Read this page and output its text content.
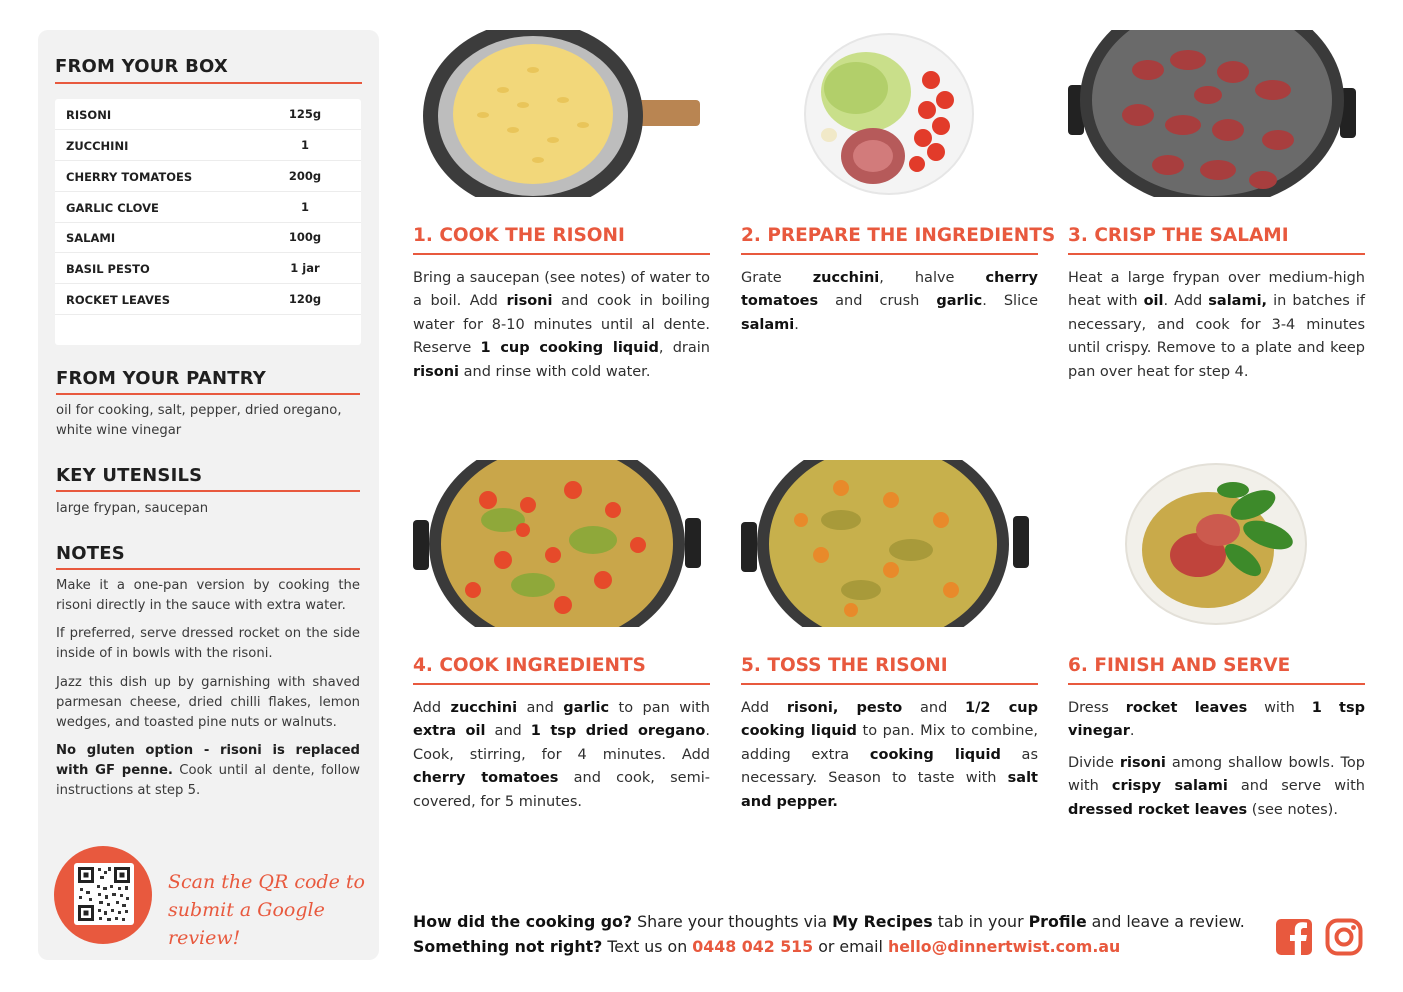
FROM YOUR BOX
RISONI	125g
ZUCCHINI	1
CHERRY TOMATOES	200g
GARLIC CLOVE	1
SALAMI	100g
BASIL PESTO	1 jar
ROCKET LEAVES	120g
FROM YOUR PANTRY
oil for cooking, salt, pepper, dried oregano, white wine vinegar
KEY UTENSILS
large frypan, saucepan
NOTES
Make it a one-pan version by cooking the risoni directly in the sauce with extra water.
If preferred, serve dressed rocket on the side inside of in bowls with the risoni.
Jazz this dish up by garnishing with shaved parmesan cheese, dried chilli flakes, lemon wedges, and toasted pine nuts or walnuts.
No gluten option - risoni is replaced with GF penne. Cook until al dente, follow instructions at step 5.
Scan the QR code to
submit a Google review!
1. COOK THE RISONI
Bring a saucepan (see notes) of water to a boil. Add risoni and cook in boiling water for 8-10 minutes until al dente. Reserve 1 cup cooking liquid, drain risoni and rinse with cold water.
2. PREPARE THE INGREDIENTS
Grate zucchini, halve cherry tomatoes and crush garlic. Slice salami.
3. CRISP THE SALAMI
Heat a large frypan over medium-high heat with oil. Add salami, in batches if necessary, and cook for 3-4 minutes until crispy. Remove to a plate and keep pan over heat for step 4.
4. COOK INGREDIENTS
Add zucchini and garlic to pan with extra oil and 1 tsp dried oregano. Cook, stirring, for 4 minutes. Add cherry tomatoes and cook, semi-covered, for 5 minutes.
5. TOSS THE RISONI
Add risoni, pesto and 1/2 cup cooking liquid to pan. Mix to combine, adding extra cooking liquid as necessary. Season to taste with salt and pepper.
6. FINISH AND SERVE

Dress rocket leaves with 1 tsp vinegar.

Divide risoni among shallow bowls. Top with crispy salami and serve with dressed rocket leaves (see notes).

How did the cooking go? Share your thoughts via My Recipes tab in your Profile and leave a review.
Something not right? Text us on 0448 042 515 or email hello@dinnertwist.com.au
